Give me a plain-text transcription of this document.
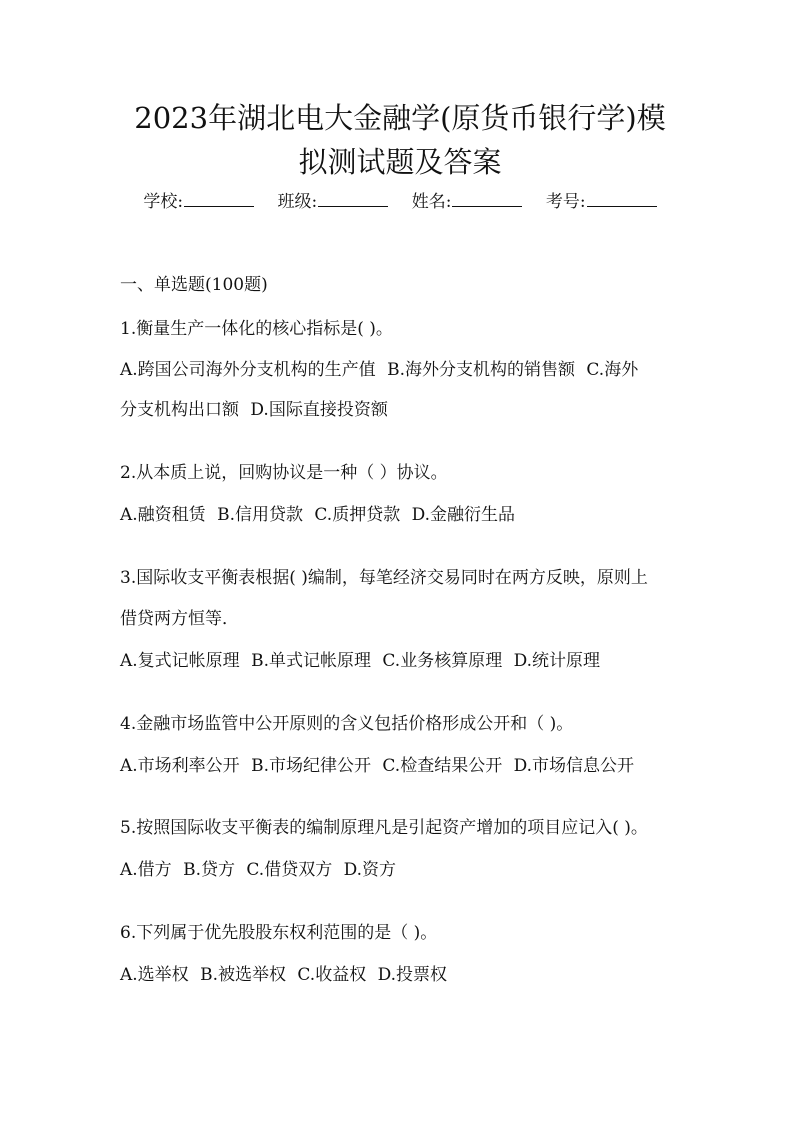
2023年湖北电大金融学(原货币银行学)模
拟测试题及答案
学校:	班级:	姓名:	考号:
一、单选题(100题)
1.衡量生产一体化的核心指标是( )。
A.跨国公司海外分支机构的生产值 B.海外分支机构的销售额 C.海外
分支机构出口额 D.国际直接投资额
2.从本质上说，回购协议是一种（ ）协议。
A.融资租赁 B.信用贷款 C.质押贷款 D.金融衍生品
3.国际收支平衡表根据( )编制，每笔经济交易同时在两方反映，原则上
借贷两方恒等．
A.复式记帐原理 B.单式记帐原理 C.业务核算原理 D.统计原理
4.金融市场监管中公开原则的含义包括价格形成公开和（ )。
A.市场利率公开 B.市场纪律公开 C.检查结果公开 D.市场信息公开
5.按照国际收支平衡表的编制原理凡是引起资产增加的项目应记入( )。
A.借方 B.贷方 C.借贷双方 D.资方
6.下列属于优先股股东权利范围的是（ )。
A.选举权 B.被选举权 C.收益权 D.投票权
